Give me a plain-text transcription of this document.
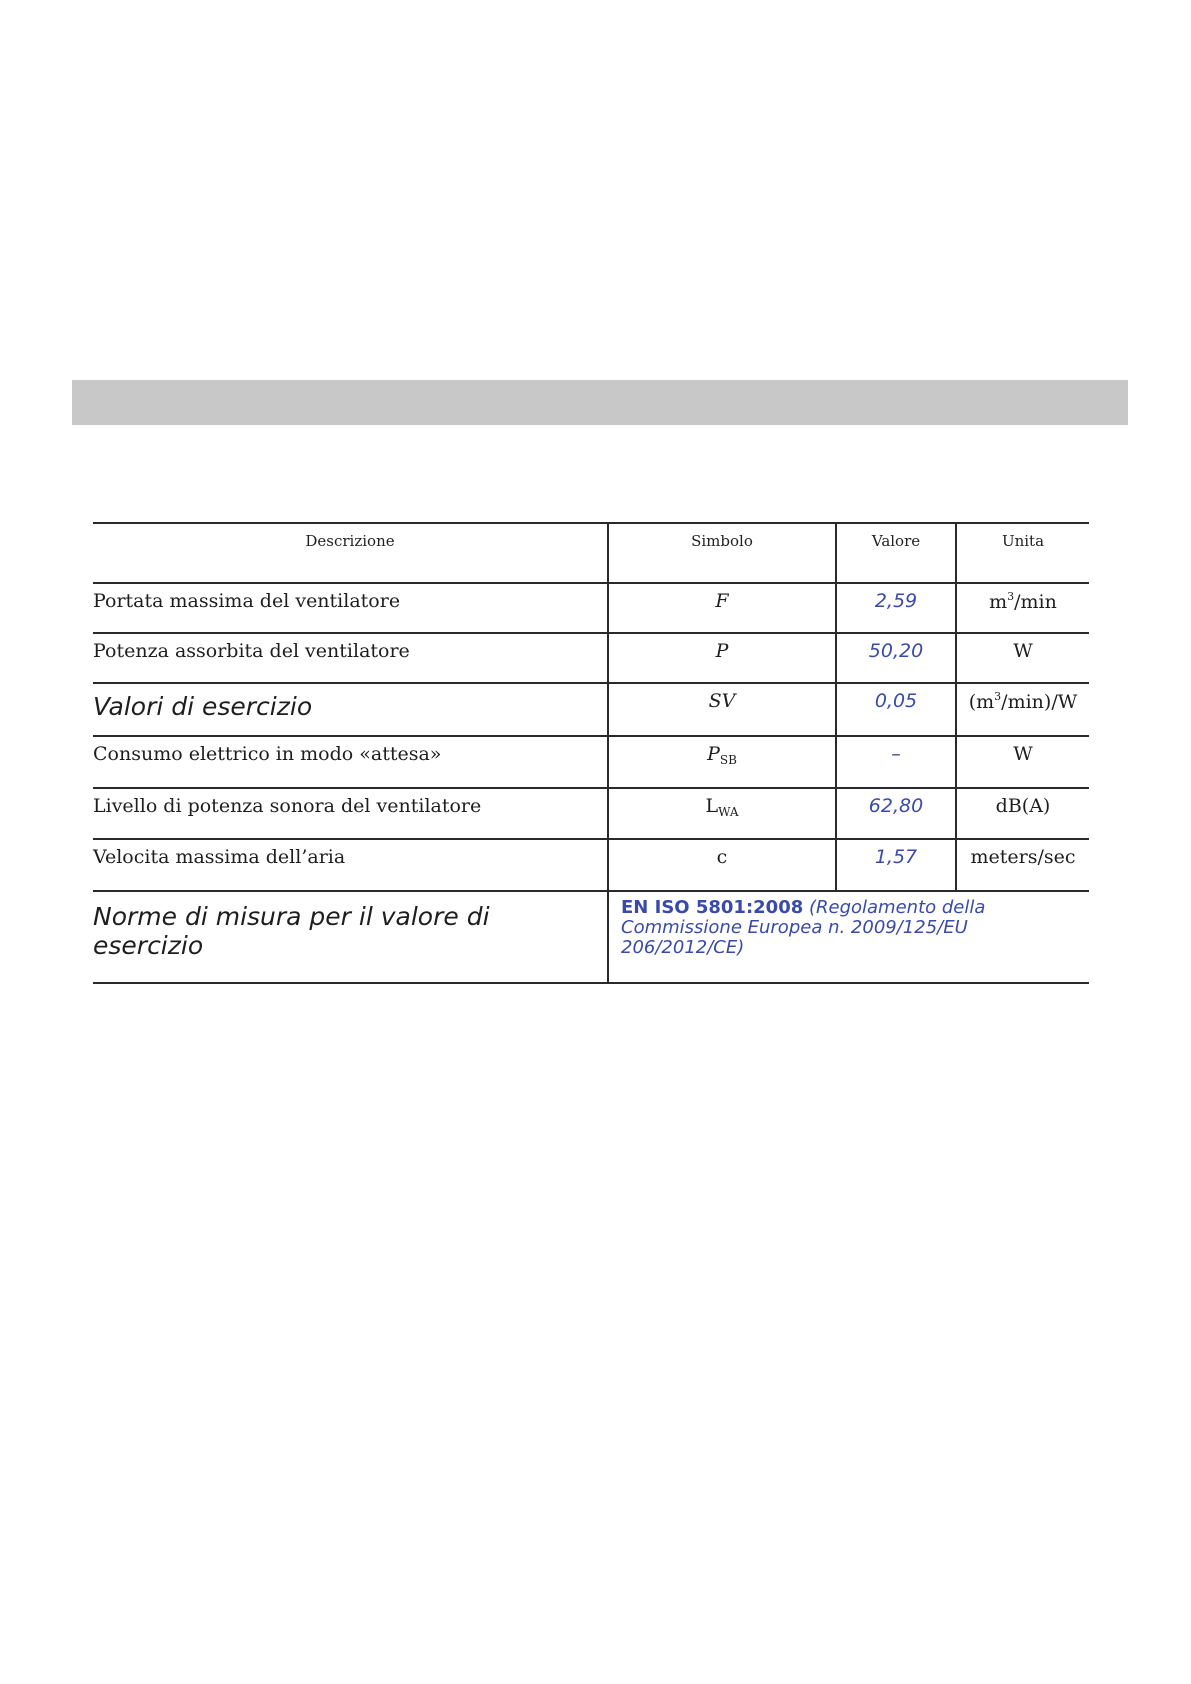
Descrizione	Simbolo	Valore	Unita
Portata massima del ventilatore	F	2,59	$m^3/\min$
Potenza assorbita del ventilatore	P	50,20	W
Valori di esercizio	SV	0,05	$(m^3/\min)/W$
Consumo elettrico in modo «attesa»	$P_{SB}$	–	W
Livello di potenza sonora del ventilatore	$L_{WA}$	62,80	dB(A)
Velocita massima dell’aria	c	1,57	meters/sec
Norme di misura per il valore di esercizio	EN ISO 5801:2008 (Regolamento della Commissione Europea n. 2009/125/EU 206/2012/CE)		
